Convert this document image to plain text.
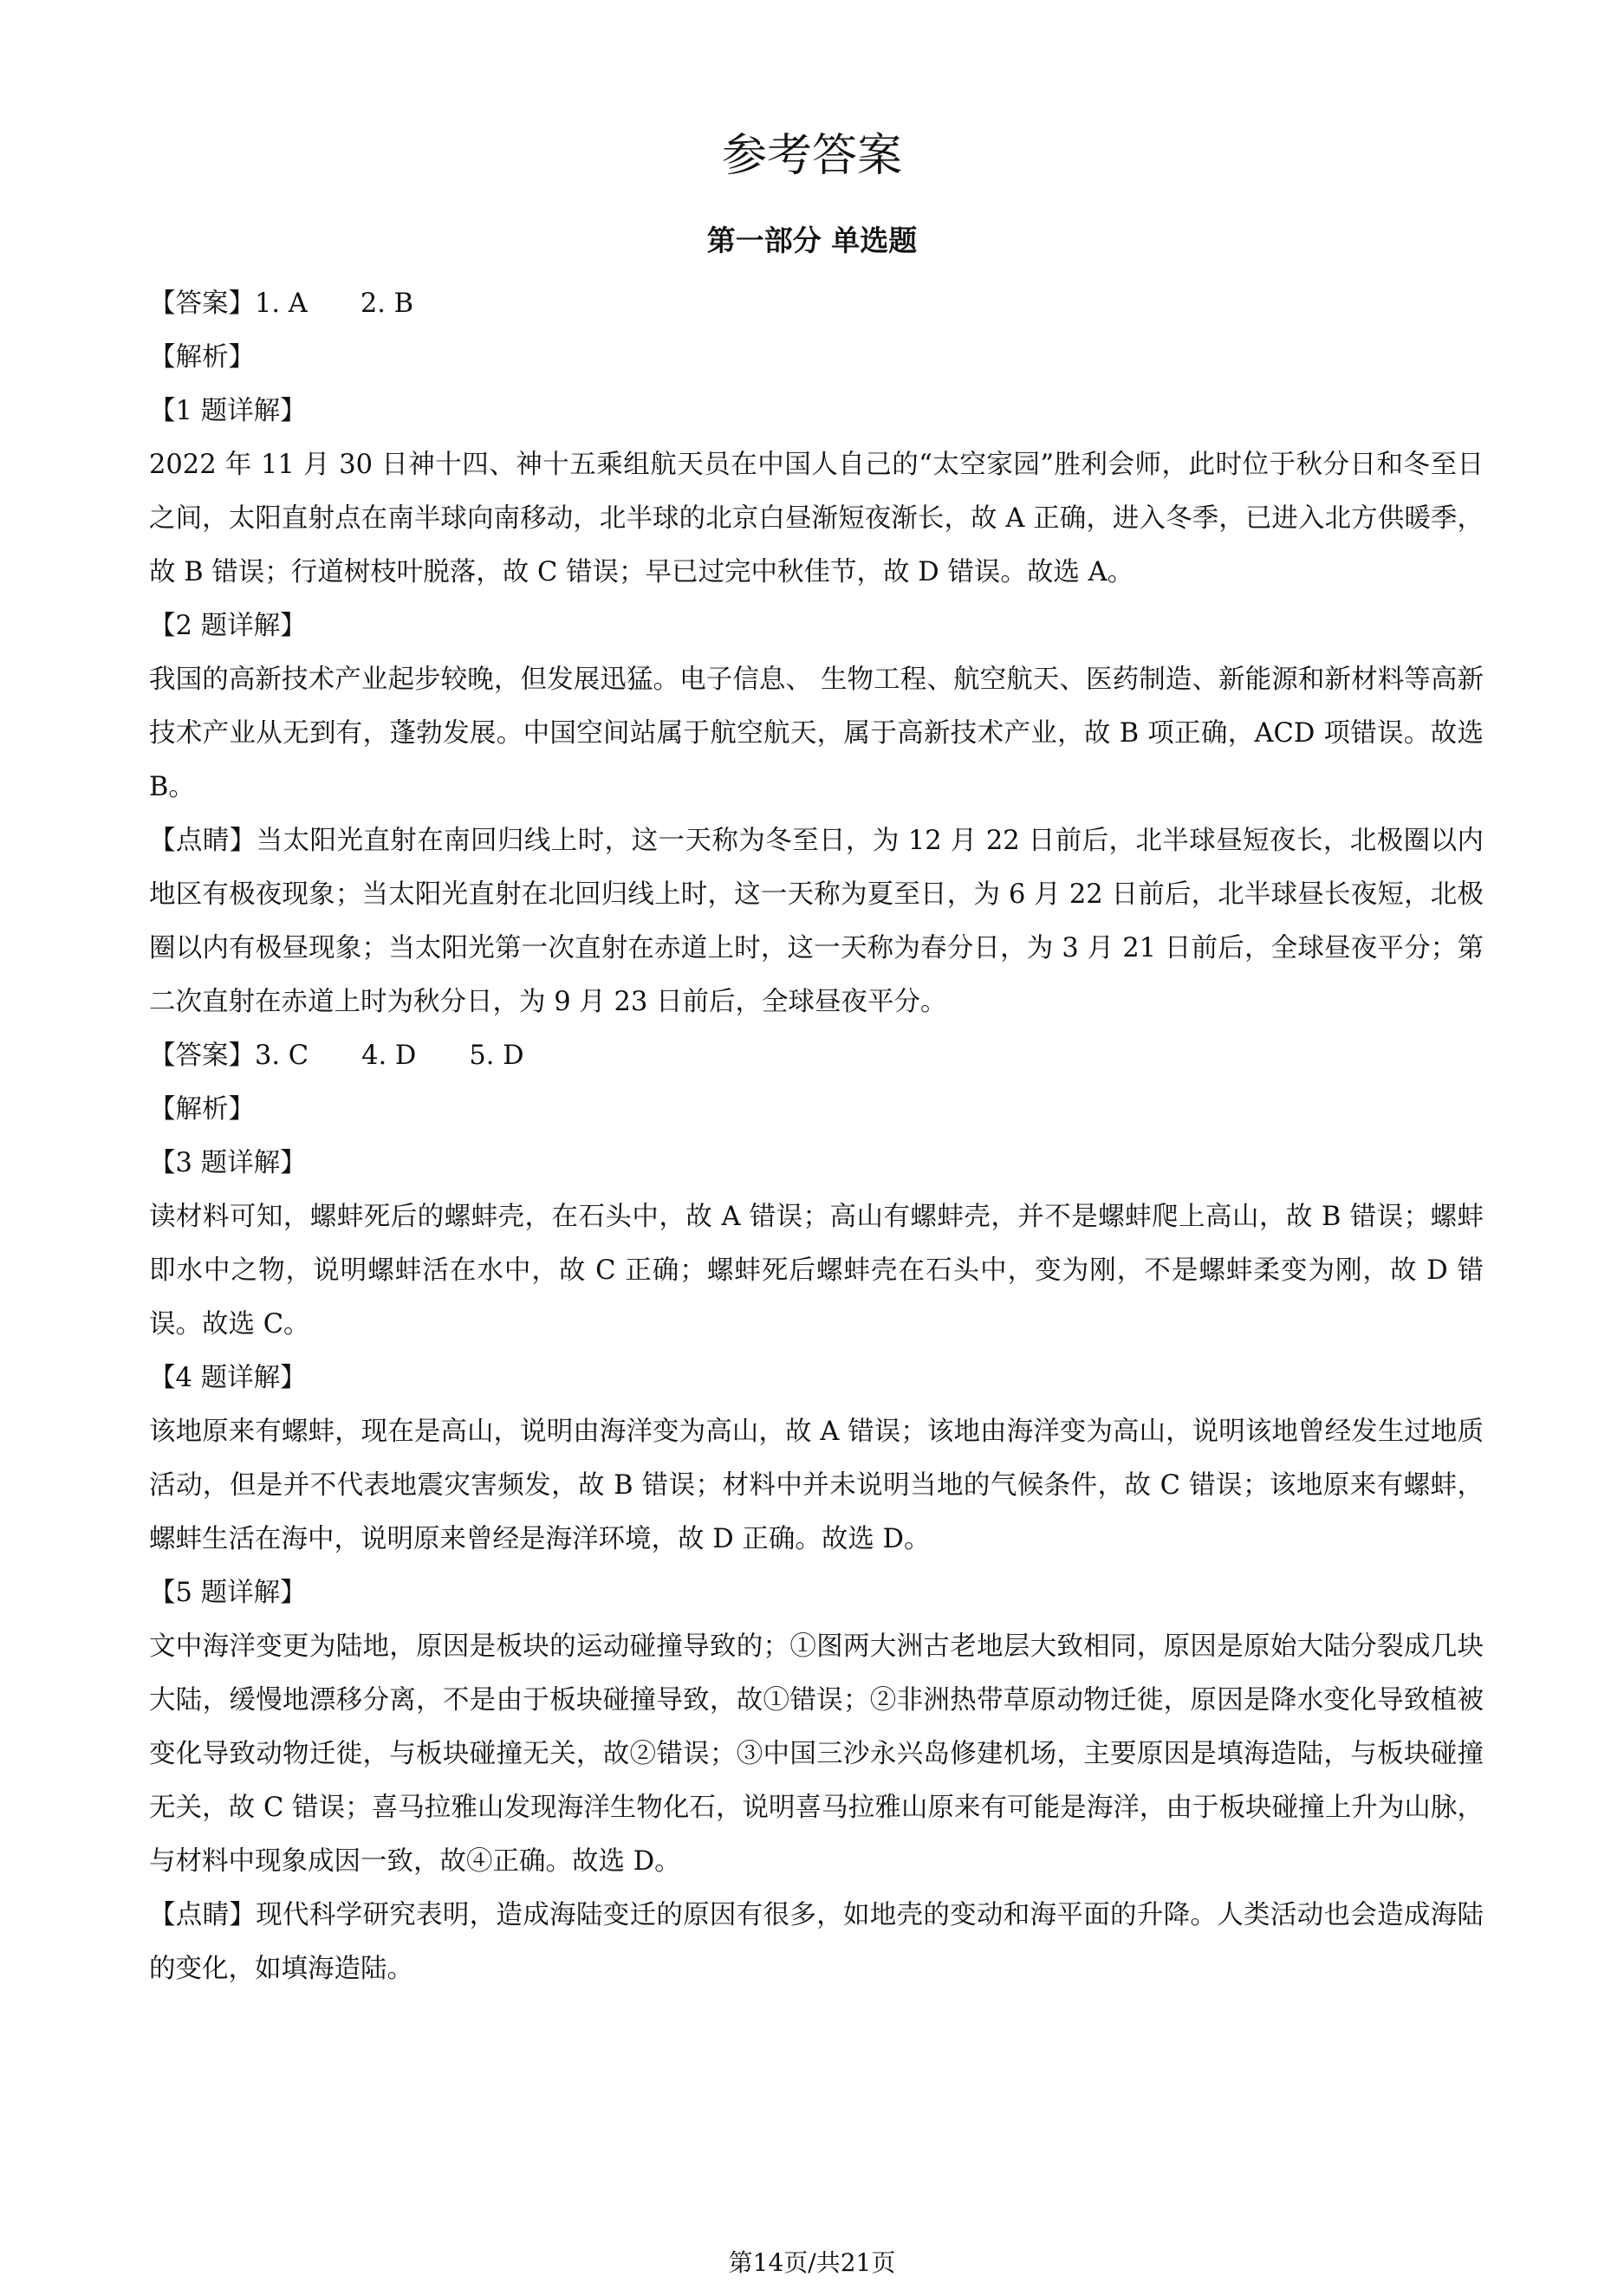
参考答案
第一部分 单选题

【答案】1. A　　2. B

【解析】

【1 题详解】

2022 年 11 月 30 日神十四、神十五乘组航天员在中国人自己的“太空家园”胜利会师，此时位于秋分日和冬至日之间，太阳直射点在南半球向南移动，北半球的北京白昼渐短夜渐长，故 A 正确，进入冬季，已进入北方供暖季，故 B 错误；行道树枝叶脱落，故 C 错误；早已过完中秋佳节，故 D 错误。故选 A。

【2 题详解】

我国的高新技术产业起步较晚，但发展迅猛。电子信息、 生物工程、航空航天、医药制造、新能源和新材料等高新技术产业从无到有，蓬勃发展。中国空间站属于航空航天，属于高新技术产业，故 B 项正确，ACD 项错误。故选 B。

【点睛】当太阳光直射在南回归线上时，这一天称为冬至日，为 12 月 22 日前后，北半球昼短夜长，北极圈以内地区有极夜现象；当太阳光直射在北回归线上时，这一天称为夏至日，为 6 月 22 日前后，北半球昼长夜短，北极圈以内有极昼现象；当太阳光第一次直射在赤道上时，这一天称为春分日，为 3 月 21 日前后，全球昼夜平分；第二次直射在赤道上时为秋分日，为 9 月 23 日前后，全球昼夜平分。

【答案】3. C　　4. D　　5. D

【解析】

【3 题详解】

读材料可知，螺蚌死后的螺蚌壳，在石头中，故 A 错误；高山有螺蚌壳，并不是螺蚌爬上高山，故 B 错误；螺蚌即水中之物，说明螺蚌活在水中，故 C 正确；螺蚌死后螺蚌壳在石头中，变为刚，不是螺蚌柔变为刚，故 D 错误。故选 C。

【4 题详解】

该地原来有螺蚌，现在是高山，说明由海洋变为高山，故 A 错误；该地由海洋变为高山，说明该地曾经发生过地质活动，但是并不代表地震灾害频发，故 B 错误；材料中并未说明当地的气候条件，故 C 错误；该地原来有螺蚌，螺蚌生活在海中，说明原来曾经是海洋环境，故 D 正确。故选 D。

【5 题详解】

文中海洋变更为陆地，原因是板块的运动碰撞导致的；①图两大洲古老地层大致相同，原因是原始大陆分裂成几块大陆，缓慢地漂移分离，不是由于板块碰撞导致，故①错误；②非洲热带草原动物迁徙，原因是降水变化导致植被变化导致动物迁徙，与板块碰撞无关，故②错误；③中国三沙永兴岛修建机场，主要原因是填海造陆，与板块碰撞无关，故 C 错误；喜马拉雅山发现海洋生物化石，说明喜马拉雅山原来有可能是海洋，由于板块碰撞上升为山脉，与材料中现象成因一致，故④正确。故选 D。

【点睛】现代科学研究表明，造成海陆变迁的原因有很多，如地壳的变动和海平面的升降。人类活动也会造成海陆的变化，如填海造陆。

第14页/共21页
